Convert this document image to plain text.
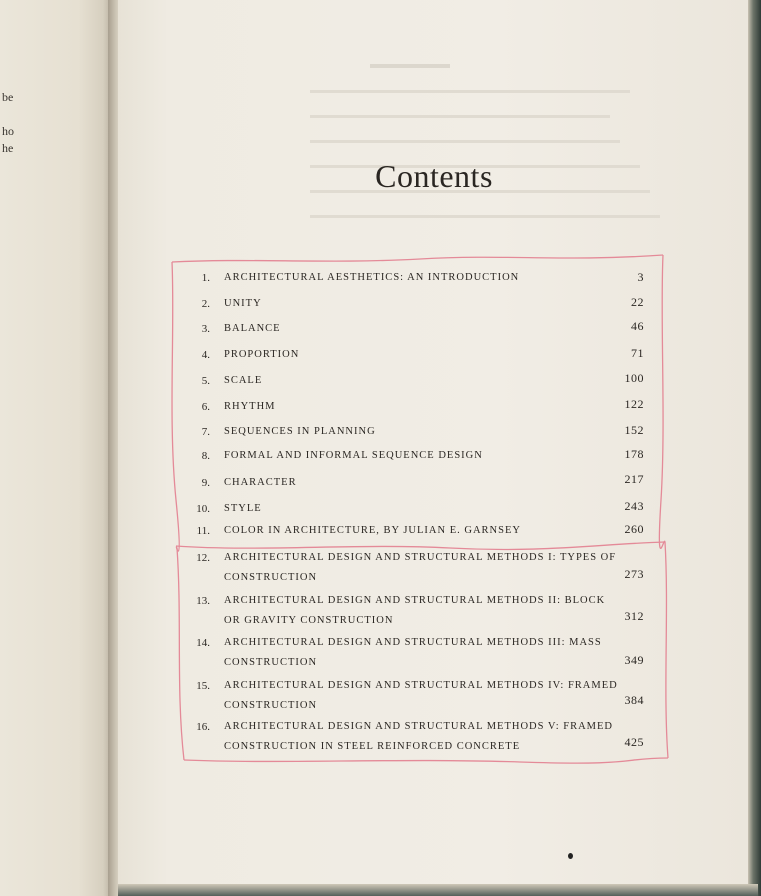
be
ho
he
Contents
1. ARCHITECTURAL AESTHETICS: AN INTRODUCTION	3
2. UNITY	22
3. BALANCE	46
4. PROPORTION	71
5. SCALE	100
6. RHYTHM	122
7. SEQUENCES IN PLANNING	152
8. FORMAL AND INFORMAL SEQUENCE DESIGN	178
9. CHARACTER	217
10. STYLE	243
11. COLOR IN ARCHITECTURE, BY JULIAN E. GARNSEY	260
12. ARCHITECTURAL DESIGN AND STRUCTURAL METHODS I: TYPES OF
CONSTRUCTION	273
13. ARCHITECTURAL DESIGN AND STRUCTURAL METHODS II: BLOCK
OR GRAVITY CONSTRUCTION	312
14. ARCHITECTURAL DESIGN AND STRUCTURAL METHODS III: MASS
CONSTRUCTION	349
15. ARCHITECTURAL DESIGN AND STRUCTURAL METHODS IV: FRAMED
CONSTRUCTION	384
16. ARCHITECTURAL DESIGN AND STRUCTURAL METHODS V: FRAMED
CONSTRUCTION IN STEEL REINFORCED CONCRETE	425
